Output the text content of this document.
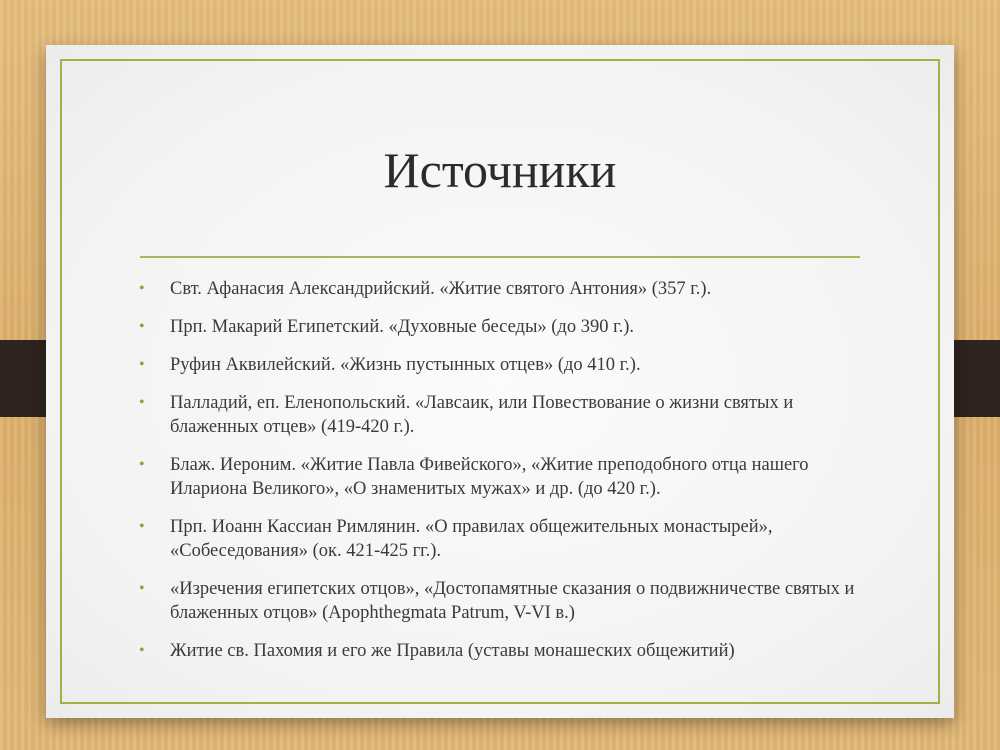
Источники
• Свт. Афанасия Александрийский. «Житие святого Антония» (357 г.).
• Прп. Макарий Египетский. «Духовные беседы» (до 390 г.).
• Руфин Аквилейский. «Жизнь пустынных отцев» (до 410 г.).
• Палладий, еп. Еленопольский. «Лавсаик, или Повествование о жизни святых и блаженных отцев» (419-420 г.).
• Блаж. Иероним. «Житие Павла Фивейского», «Житие преподобного отца нашего Илариона Великого», «О знаменитых мужах» и др. (до 420 г.).
• Прп. Иоанн Кассиан Римлянин. «О правилах общежительных монастырей», «Собеседования» (ок. 421-425 гг.).
• «Изречения египетских отцов», «Достопамятные сказания о подвижничестве святых и блаженных отцов» (Apophthegmata Patrum, V-VI в.)
• Житие св. Пахомия и его же Правила (уставы монашеских общежитий)
